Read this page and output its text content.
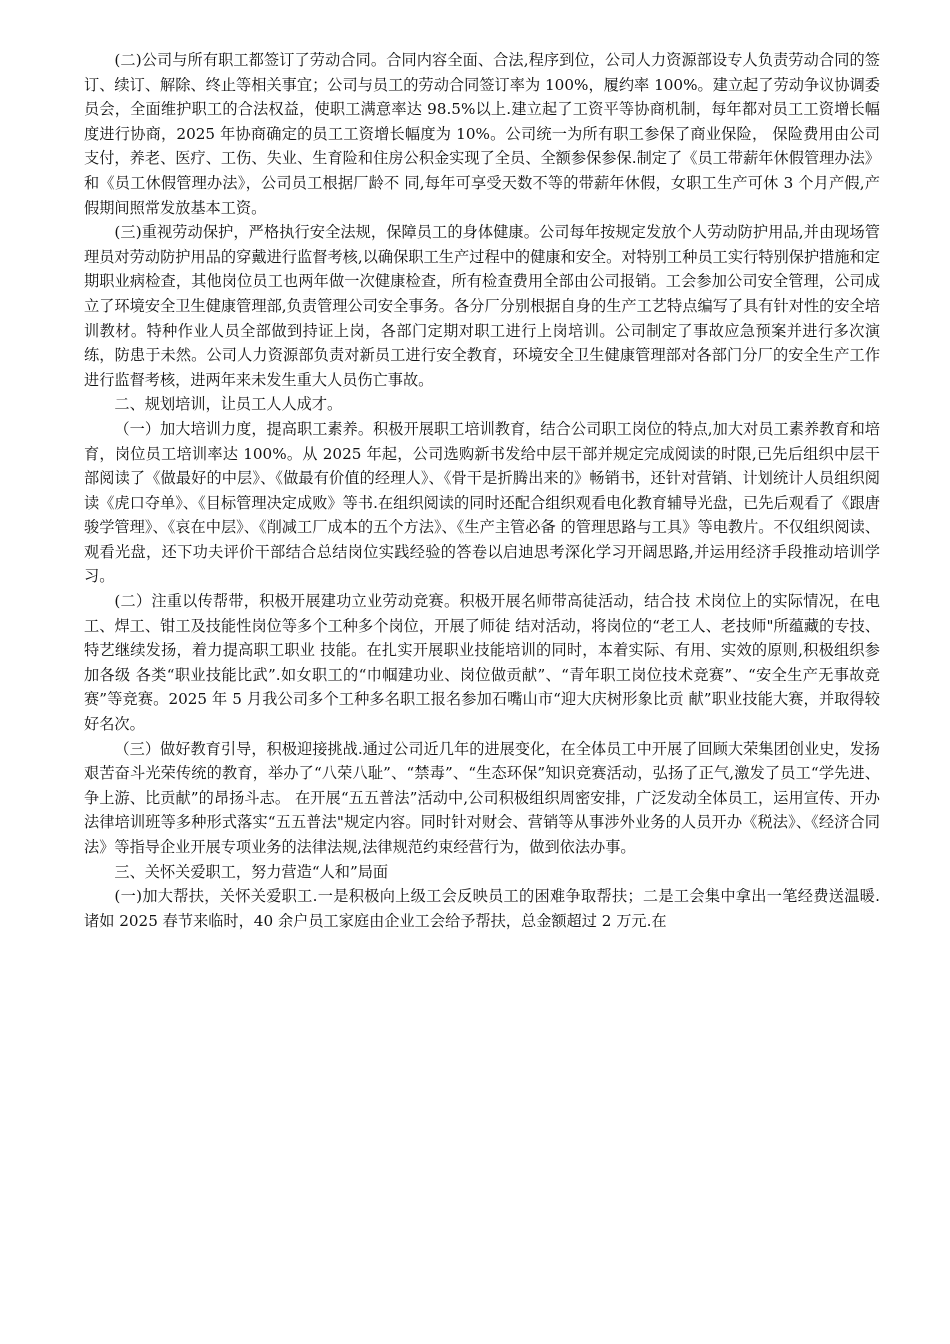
(二)公司与所有职工都签订了劳动合同。合同内容全面、合法,程序到位，公司人力资源部设专人负责劳动合同的签订、续订、解除、终止等相关事宜；公司与员工的劳动合同签订率为 100%，履约率 100%。建立起了劳动争议协调委员会，全面维护职工的合法权益，使职工满意率达 98.5%以上.建立起了工资平等协商机制，每年都对员工工资增长幅度进行协商，2025 年协商确定的员工工资增长幅度为 10%。公司统一为所有职工参保了商业保险， 保险费用由公司支付，养老、医疗、工伤、失业、生育险和住房公积金实现了全员、全额参保参保.制定了《员工带薪年休假管理办法》和《员工休假管理办法》，公司员工根据厂龄不 同,每年可享受天数不等的带薪年休假，女职工生产可休 3 个月产假,产假期间照常发放基本工资。

(三)重视劳动保护，严格执行安全法规，保障员工的身体健康。公司每年按规定发放个人劳动防护用品,并由现场管理员对劳动防护用品的穿戴进行监督考核,以确保职工生产过程中的健康和安全。对特别工种员工实行特别保护措施和定期职业病检查，其他岗位员工也两年做一次健康检查，所有检查费用全部由公司报销。工会参加公司安全管理，公司成立了环境安全卫生健康管理部,负责管理公司安全事务。各分厂分别根据自身的生产工艺特点编写了具有针对性的安全培训教材。特种作业人员全部做到持证上岗，各部门定期对职工进行上岗培训。公司制定了事故应急预案并进行多次演练，防患于未然。公司人力资源部负责对新员工进行安全教育，环境安全卫生健康管理部对各部门分厂的安全生产工作进行监督考核，进两年来未发生重大人员伤亡事故。

二、规划培训，让员工人人成才。

（一）加大培训力度，提高职工素养。积极开展职工培训教育，结合公司职工岗位的特点,加大对员工素养教育和培育，岗位员工培训率达 100%。从 2025 年起，公司选购新书发给中层干部并规定完成阅读的时限,已先后组织中层干部阅读了《做最好的中层》、《做最有价值的经理人》、《骨干是折腾出来的》畅销书，还针对营销、计划统计人员组织阅读《虎口夺单》、《目标管理决定成败》等书.在组织阅读的同时还配合组织观看电化教育辅导光盘，已先后观看了《跟唐骏学管理》、《哀在中层》、《削减工厂成本的五个方法》、《生产主管必备 的管理思路与工具》等电教片。不仅组织阅读、观看光盘，还下功夫评价干部结合总结岗位实践经验的答卷以启迪思考深化学习开阔思路,并运用经济手段推动培训学习。

(二）注重以传帮带，积极开展建功立业劳动竞赛。积极开展名师带高徒活动，结合技 术岗位上的实际情况，在电工、焊工、钳工及技能性岗位等多个工种多个岗位，开展了师徒 结对活动，将岗位的“老工人、老技师"所蕴藏的专技、特艺继续发扬，着力提高职工职业 技能。在扎实开展职业技能培训的同时，本着实际、有用、实效的原则,积极组织参加各级 各类“职业技能比武”.如女职工的“巾帼建功业、岗位做贡献”、“青年职工岗位技术竞赛”、“安全生产无事故竞赛”等竞赛。2025 年 5 月我公司多个工种多名职工报名参加石嘴山市“迎大庆树形象比贡 献”职业技能大赛，并取得较好名次。

（三）做好教育引导，积极迎接挑战.通过公司近几年的进展变化，在全体员工中开展了回顾大荣集团创业史，发扬艰苦奋斗光荣传统的教育，举办了“八荣八耻”、“禁毒”、“生态环保”知识竞赛活动，弘扬了正气,激发了员工“学先进、争上游、比贡献”的昂扬斗志。 在开展“五五普法”活动中,公司积极组织周密安排，广泛发动全体员工，运用宣传、开办 法律培训班等多种形式落实“五五普法"规定内容。同时针对财会、营销等从事涉外业务的人员开办《税法》、《经济合同法》等指导企业开展专项业务的法律法规,法律规范约束经营行为，做到依法办事。

三、关怀关爱职工，努力营造“人和”局面

(一)加大帮扶，关怀关爱职工.一是积极向上级工会反映员工的困难争取帮扶；二是工会集中拿出一笔经费送温暖.诸如 2025 春节来临时，40 余户员工家庭由企业工会给予帮扶，总金额超过 2 万元.在
